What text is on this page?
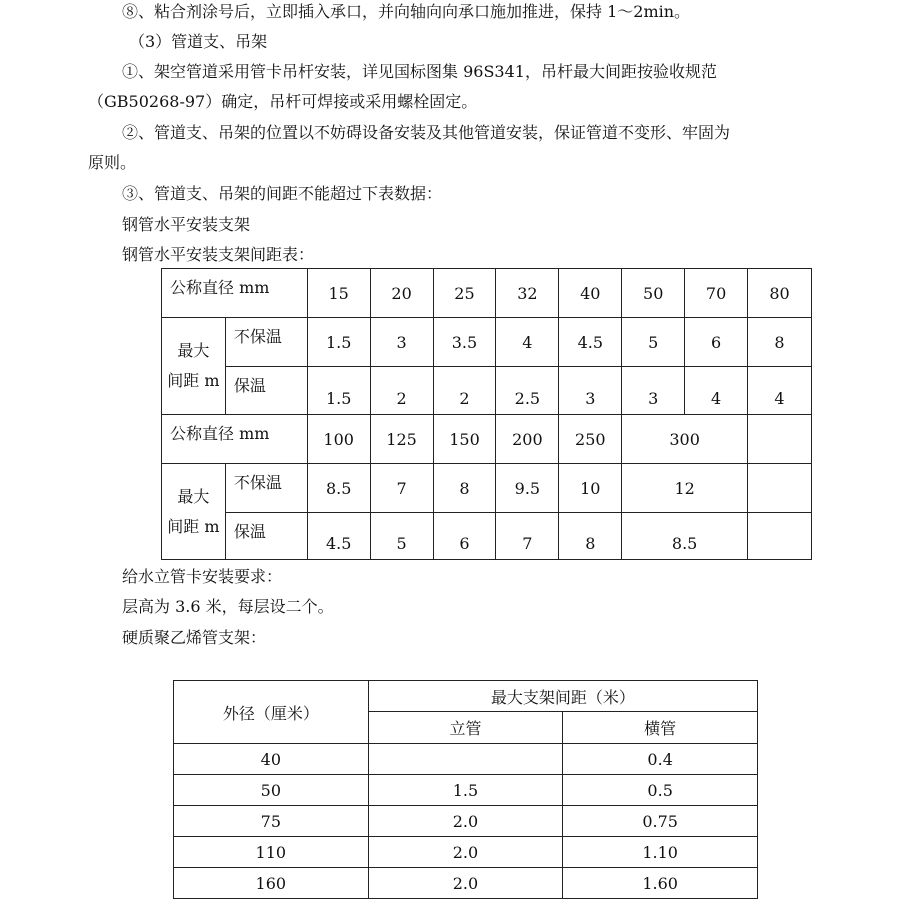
⑧、粘合剂涂号后，立即插入承口，并向轴向向承口施加推进，保持 1～2min。
（3）管道支、吊架
①、架空管道采用管卡吊杆安装，详见国标图集 96S341，吊杆最大间距按验收规范
（GB50268-97）确定，吊杆可焊接或采用螺栓固定。
②、管道支、吊架的位置以不妨碍设备安装及其他管道安装，保证管道不变形、牢固为
原则。
③、管道支、吊架的间距不能超过下表数据：
钢管水平安装支架
钢管水平安装支架间距表：
公称直径 mm		15	20	25	32	40	50	70	80
最大
间距 m	不保温	1.5	3	3.5	4	4.5	5	6	8
	保温	1.5	2	2	2.5	3	3	4	4
公称直径 mm		100	125	150	200	250	300		
最大
间距 m	不保温	8.5	7	8	9.5	10	12		
	保温	4.5	5	6	7	8	8.5		
给水立管卡安装要求：
层高为 3.6 米，每层设二个。
硬质聚乙烯管支架：
外径（厘米）	最大支架间距（米）	
	立管	横管
40		0.4
50	1.5	0.5
75	2.0	0.75
110	2.0	1.10
160	2.0	1.60
